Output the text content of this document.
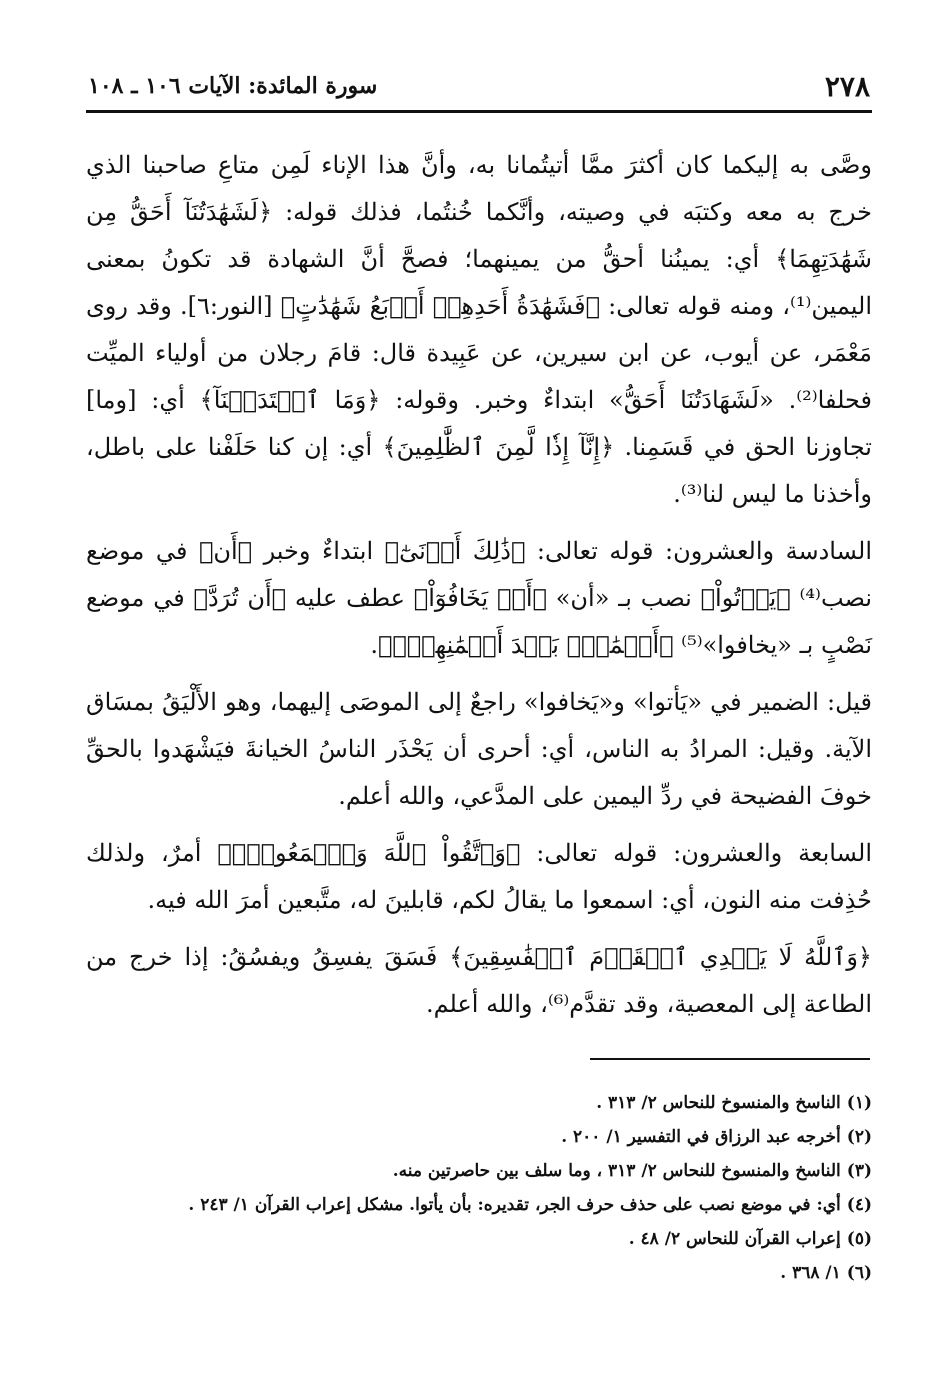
٢٧٨
سورة المائدة: الآيات ١٠٦ ـ ١٠٨

وصَّى به إليكما كان أكثرَ ممَّا أتيتُمانا به، وأنَّ هذا الإناء لَمِن متاعِ صاحبنا الذي خرج به معه وكتبَه في وصيته، وأنَّكما خُنتُما، فذلك قوله: ﴿لَشَهَٰدَتُنَآ أَحَقُّ مِن شَهَٰدَتِهِمَا﴾ أي: يمينُنا أحقُّ من يمينهما؛ فصحَّ أنَّ الشهادة قد تكونُ بمعنى اليمين⁽¹⁾، ومنه قوله تعالى: ﴿فَشَهَٰدَةُ أَحَدِهِمۡ أَرۡبَعُ شَهَٰدَٰتٍ﴾ [النور:٦]. وقد روى مَعْمَر، عن أيوب، عن ابن سيرين، عن عَبِيدة قال: قامَ رجلان من أولياء الميِّت فحلفا⁽²⁾. «لَشَهَادَتُنَا أَحَقُّ» ابتداءٌ وخبر. وقوله: ﴿وَمَا ٱعۡتَدَيۡنَآ﴾ أي: [وما] تجاوزنا الحق في قَسَمِنا. ﴿إِنَّآ إِذٗا لَّمِنَ ٱلظَّٰلِمِينَ﴾ أي: إن كنا حَلَفْنا على باطل، وأخذنا ما ليس لنا⁽³⁾.

السادسة والعشرون: قوله تعالى: ﴿ذَٰلِكَ أَدۡنَىٰٓ﴾ ابتداءٌ وخبر ﴿أَن﴾ في موضع نصب⁽⁴⁾ ﴿يَأۡتُواْ﴾ نصب بـ «أن» ﴿أَوۡ يَخَافُوٓاْ﴾ عطف عليه ﴿أَن تُرَدَّ﴾ في موضع نَصْبٍ بـ «يخافوا»⁽⁵⁾ ﴿أَيۡمَٰنُۢ بَعۡدَ أَيۡمَٰنِهِمۡۗ﴾.

قيل: الضمير في «يَأتوا» و«يَخافوا» راجعٌ إلى الموصَى إليهما، وهو الأَلْيَقُ بمسَاق الآية. وقيل: المرادُ به الناس، أي: أحرى أن يَحْذَر الناسُ الخيانةَ فيَشْهَدوا بالحقِّ خوفَ الفضيحة في ردِّ اليمين على المدَّعي، والله أعلم.

السابعة والعشرون: قوله تعالى: ﴿وَٱتَّقُواْ ٱللَّهَ وَٱسۡمَعُواْۗ﴾ أمرٌ، ولذلك حُذِفت منه النون، أي: اسمعوا ما يقالُ لكم، قابلينَ له، متَّبعين أمرَ الله فيه.

﴿وَٱللَّهُ لَا يَهۡدِي ٱلۡقَوۡمَ ٱلۡفَٰسِقِينَ﴾ فَسَقَ يفسِقُ ويفسُقُ: إذا خرج من الطاعة إلى المعصية، وقد تقدَّم⁽⁶⁾، والله أعلم.

(١)الناسخ والمنسوخ للنحاس ٢/ ٣١٣ .
(٢)أخرجه عبد الرزاق في التفسير ١/ ٢٠٠ .
(٣)الناسخ والمنسوخ للنحاس ٢/ ٣١٣ ، وما سلف بين حاصرتين منه.
(٤)أي: في موضع نصب على حذف حرف الجر، تقديره: بأن يأتوا. مشكل إعراب القرآن ١/ ٢٤٣ .
(٥)إعراب القرآن للنحاس ٢/ ٤٨ .
(٦)١/ ٣٦٨ .
